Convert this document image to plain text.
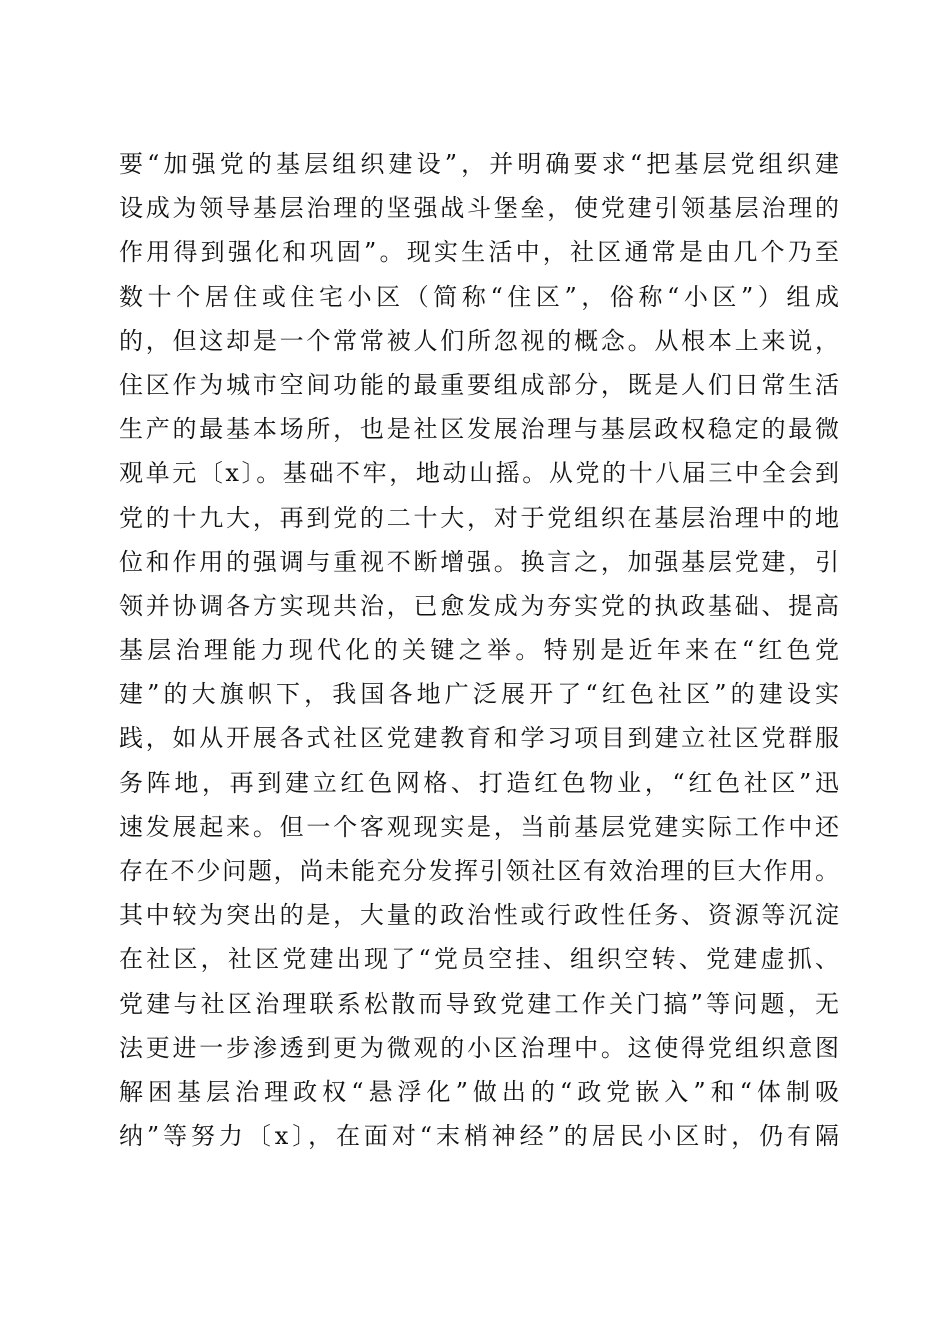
要“加强党的基层组织建设”，并明确要求“把基层党组织建
设成为领导基层治理的坚强战斗堡垒，使党建引领基层治理的
作用得到强化和巩固”。现实生活中，社区通常是由几个乃至
数十个居住或住宅小区（简称“住区”，俗称“小区”）组成
的，但这却是一个常常被人们所忽视的概念。从根本上来说，
住区作为城市空间功能的最重要组成部分，既是人们日常生活
生产的最基本场所，也是社区发展治理与基层政权稳定的最微
观单元〔x〕。基础不牢，地动山摇。从党的十八届三中全会到
党的十九大，再到党的二十大，对于党组织在基层治理中的地
位和作用的强调与重视不断增强。换言之，加强基层党建，引
领并协调各方实现共治，已愈发成为夯实党的执政基础、提高
基层治理能力现代化的关键之举。特别是近年来在“红色党
建”的大旗帜下，我国各地广泛展开了“红色社区”的建设实
践，如从开展各式社区党建教育和学习项目到建立社区党群服
务阵地，再到建立红色网格、打造红色物业，“红色社区”迅
速发展起来。但一个客观现实是，当前基层党建实际工作中还
存在不少问题，尚未能充分发挥引领社区有效治理的巨大作用。
其中较为突出的是，大量的政治性或行政性任务、资源等沉淀
在社区，社区党建出现了“党员空挂、组织空转、党建虚抓、
党建与社区治理联系松散而导致党建工作关门搞”等问题，无
法更进一步渗透到更为微观的小区治理中。这使得党组织意图
解困基层治理政权“悬浮化”做出的“政党嵌入”和“体制吸
纳”等努力〔x〕，在面对“末梢神经”的居民小区时，仍有隔
